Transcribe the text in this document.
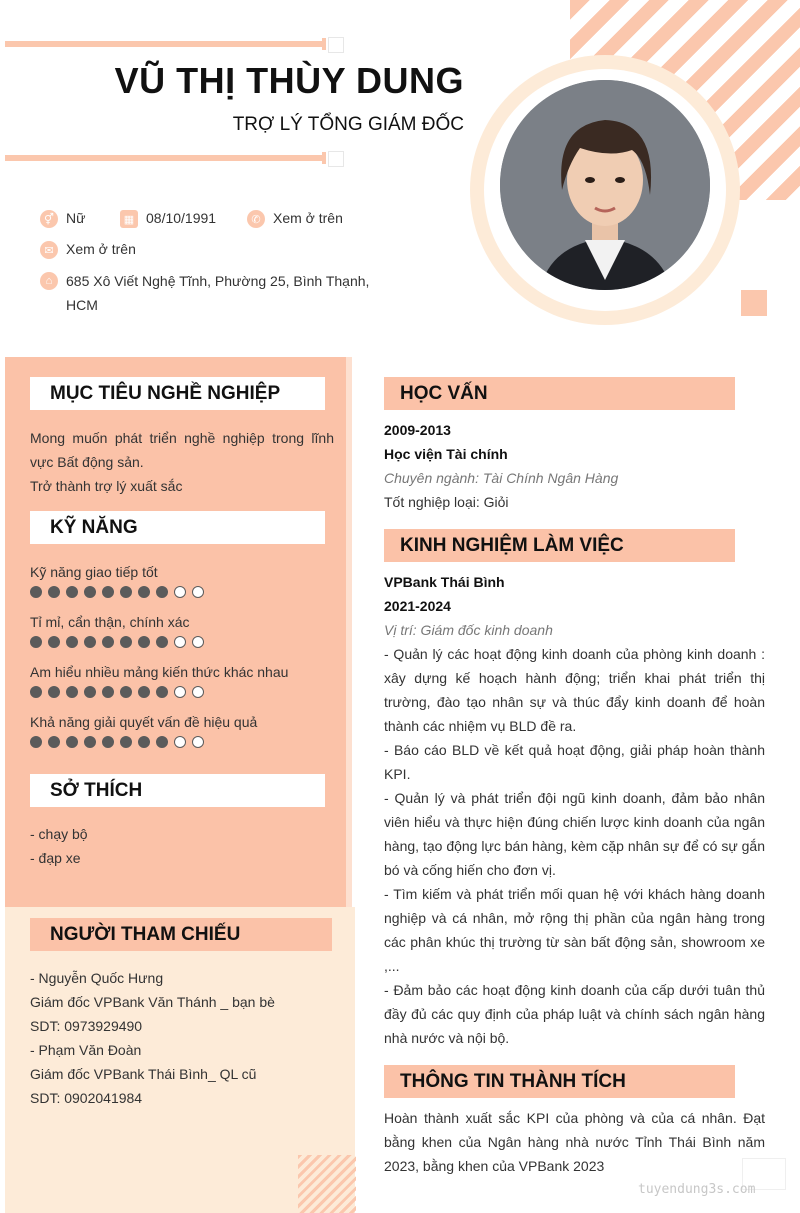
VŨ THỊ THÙY DUNG
TRỢ LÝ TỔNG GIÁM ĐỐC
⚥ Nữ	▦ 08/10/1991	✆ Xem ở trên
✉ Xem ở trên
⌂ 685 Xô Viết Nghệ Tĩnh, Phường 25, Bình Thạnh, HCM
MỤC TIÊU NGHỀ NGHIỆP
Mong muốn phát triển nghề nghiệp trong lĩnh vực Bất động sản.
Trở thành trợ lý xuất sắc
KỸ NĂNG
Kỹ năng giao tiếp tốt
Tỉ mỉ, cẩn thận, chính xác
Am hiểu nhiều mảng kiến thức khác nhau
Khả năng giải quyết vấn đề hiệu quả
SỞ THÍCH
- chạy bộ
- đạp xe
NGƯỜI THAM CHIẾU
- Nguyễn Quốc Hưng
Giám đốc VPBank Văn Thánh _ bạn bè
SDT: 0973929490
- Phạm Văn Đoàn
Giám đốc VPBank Thái Bình_ QL cũ
SDT: 0902041984
HỌC VẤN
2009-2013
Học viện Tài chính
Chuyên ngành: Tài Chính Ngân Hàng
Tốt nghiệp loại: Giỏi
KINH NGHIỆM LÀM VIỆC
VPBank Thái Bình
2021-2024
Vị trí: Giám đốc kinh doanh
- Quản lý các hoạt động kinh doanh của phòng kinh doanh : xây dựng kế hoạch hành động; triển khai phát triển thị trường, đào tạo nhân sự và thúc đẩy kinh doanh để hoàn thành các nhiệm vụ BLD đề ra.
- Báo cáo BLD về kết quả hoạt động, giải pháp hoàn thành KPI.
- Quản lý và phát triển đội ngũ kinh doanh, đảm bảo nhân viên hiểu và thực hiện đúng chiến lược kinh doanh của ngân hàng, tạo động lực bán hàng, kèm cặp nhân sự để có sự gắn bó và cống hiến cho đơn vị.
- Tìm kiếm và phát triển mối quan hệ với khách hàng doanh nghiệp và cá nhân, mở rộng thị phần của ngân hàng trong các phân khúc thị trường từ sàn bất động sản, showroom xe ,...
- Đảm bảo các hoạt động kinh doanh của cấp dưới tuân thủ đầy đủ các quy định của pháp luật và chính sách ngân hàng nhà nước và nội bộ.
THÔNG TIN THÀNH TÍCH
Hoàn thành xuất sắc KPI của phòng và của cá nhân. Đạt bằng khen của Ngân hàng nhà nước Tỉnh Thái Bình năm 2023, bằng khen của VPBank 2023
tuyendung3s.com
